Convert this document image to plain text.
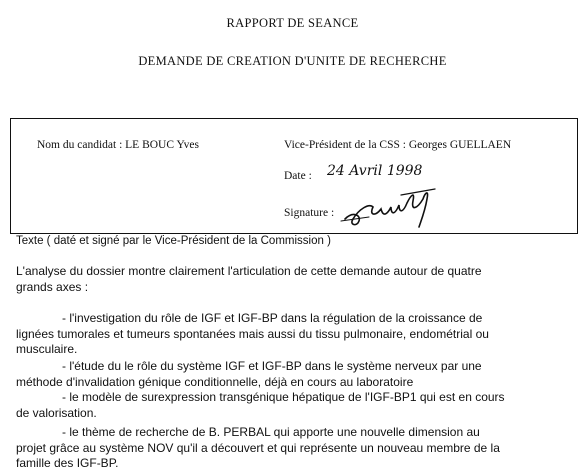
RAPPORT DE SEANCE
DEMANDE DE CREATION D'UNITE DE RECHERCHE
Nom du candidat : LE BOUC Yves	Vice-Président de la CSS : Georges GUELLAEN
Date : 24 Avril 1998
Signature :
Texte ( daté et signé par le Vice-Président de la Commission )
L'analyse du dossier montre clairement l'articulation de cette demande autour de quatre
grands axes :
- l'investigation du rôle de IGF et IGF-BP dans la régulation de la croissance de
lignées tumorales et tumeurs spontanées mais aussi du tissu pulmonaire, endométrial ou
musculaire.
- l'étude du le rôle du système IGF et IGF-BP dans le système nerveux par une
méthode d'invalidation génique conditionnelle, déjà en cours au laboratoire
- le modèle de surexpression transgénique hépatique de l'IGF-BP1 qui est en cours
de valorisation.
- le thème de recherche de B. PERBAL qui apporte une nouvelle dimension au
projet grâce au système NOV qu'il a découvert et qui représente un nouveau membre de la
famille des IGF-BP.
